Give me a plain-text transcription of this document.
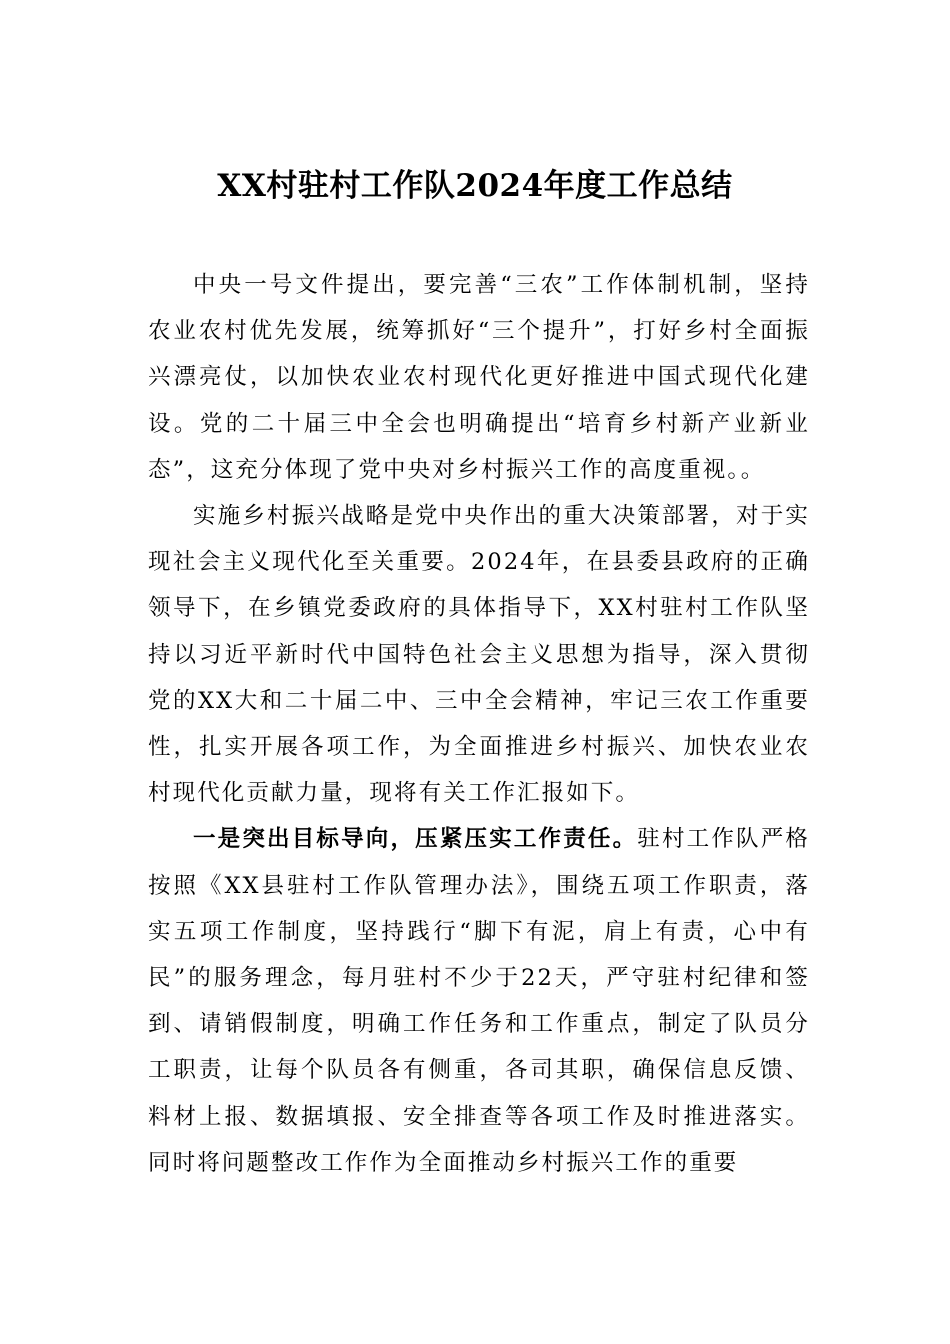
XX村驻村工作队2024年度工作总结

中央一号文件提出，要完善“三农”工作体制机制，坚持农业农村优先发展，统筹抓好“三个提升”，打好乡村全面振兴漂亮仗，以加快农业农村现代化更好推进中国式现代化建设。党的二十届三中全会也明确提出“培育乡村新产业新业态”，这充分体现了党中央对乡村振兴工作的高度重视。。

实施乡村振兴战略是党中央作出的重大决策部署，对于实现社会主义现代化至关重要。2024年，在县委县政府的正确领导下，在乡镇党委政府的具体指导下，XX村驻村工作队坚持以习近平新时代中国特色社会主义思想为指导，深入贯彻党的XX大和二十届二中、三中全会精神，牢记三农工作重要性，扎实开展各项工作，为全面推进乡村振兴、加快农业农村现代化贡献力量，现将有关工作汇报如下。

一是突出目标导向，压紧压实工作责任。驻村工作队严格按照《XX县驻村工作队管理办法》，围绕五项工作职责，落实五项工作制度，坚持践行“脚下有泥，肩上有责，心中有民”的服务理念，每月驻村不少于22天，严守驻村纪律和签到、请销假制度，明确工作任务和工作重点，制定了队员分工职责，让每个队员各有侧重，各司其职，确保信息反馈、料材上报、数据填报、安全排查等各项工作及时推进落实。同时将问题整改工作作为全面推动乡村振兴工作的重要
